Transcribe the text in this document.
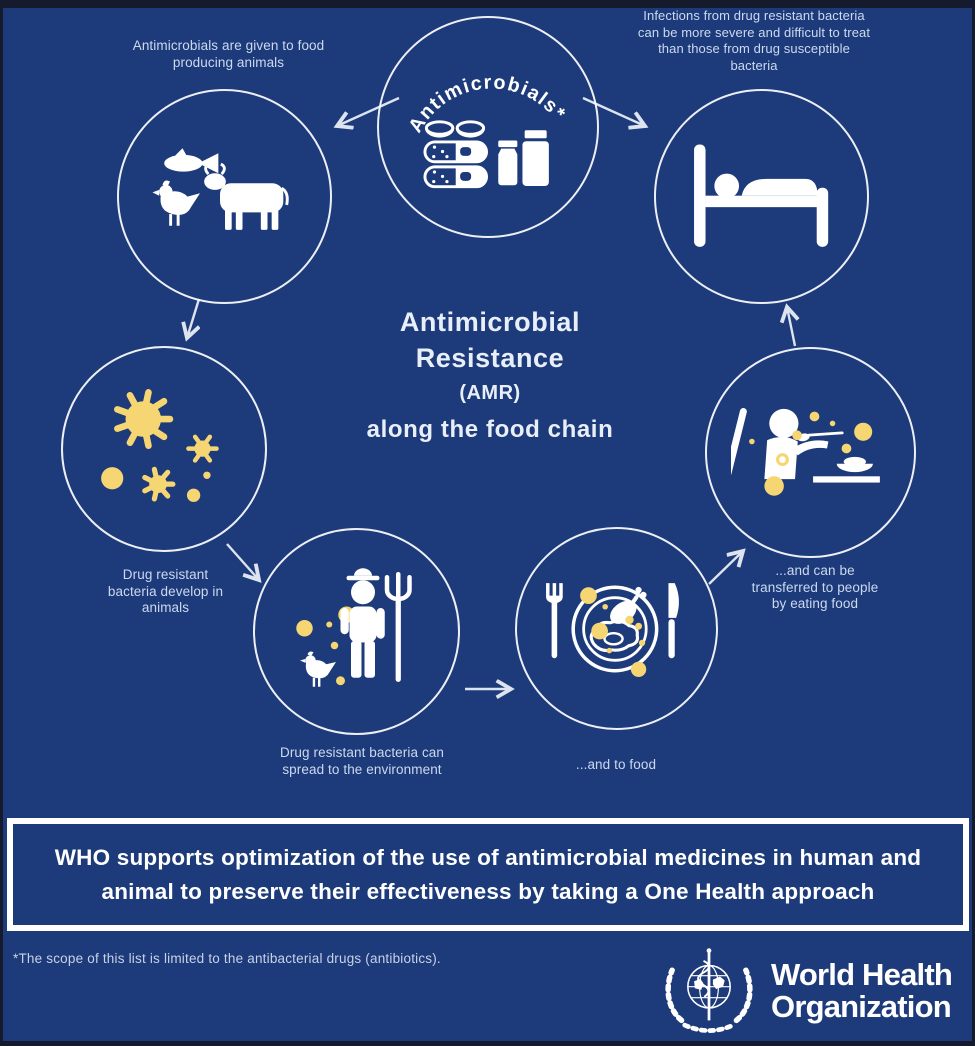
Antimicrobials are given to food producing animals
Infections from drug resistant bacteria can be more severe and difficult to treat than those from drug susceptible bacteria
Antimicrobials*
Antimicrobial
Resistance
(AMR)
along the food chain
Drug resistant bacteria develop in animals
Drug resistant bacteria can spread to the environment	...and to food
...and can be transferred to people by eating food
WHO supports optimization of the use of antimicrobial medicines in human and animal to preserve their effectiveness by taking a One Health approach
*The scope of this list is limited to the antibacterial drugs (antibiotics).	World Health
Organization
